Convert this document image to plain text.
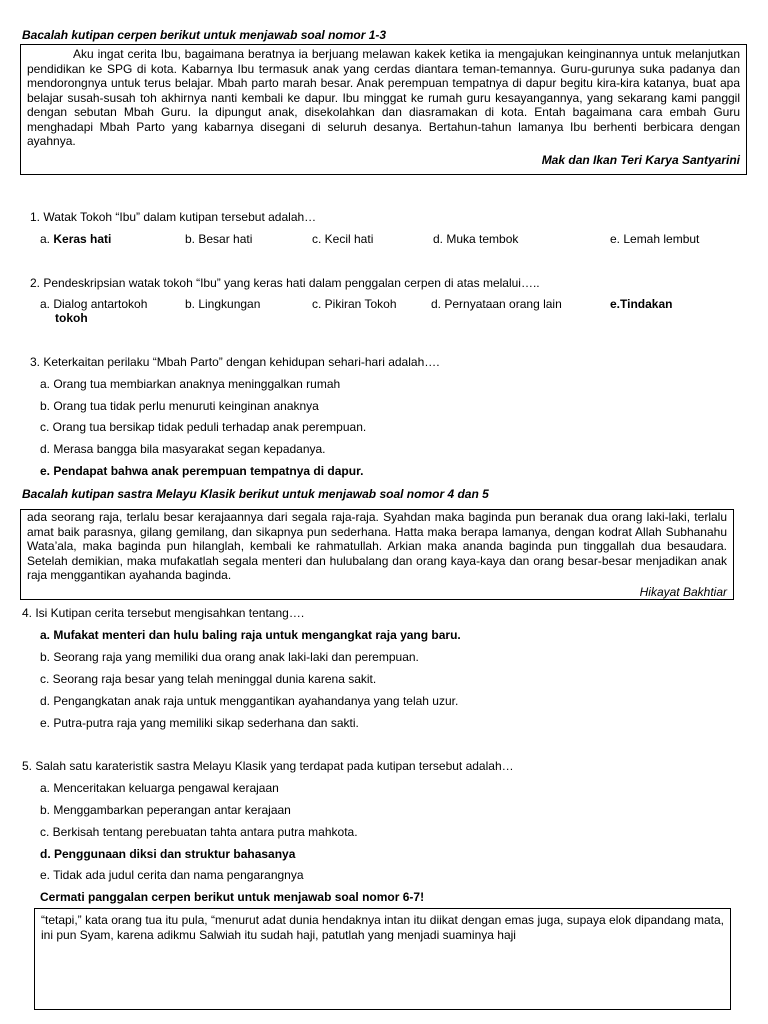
Bacalah kutipan cerpen berikut untuk menjawab soal nomor 1-3

Aku ingat cerita Ibu, bagaimana beratnya ia berjuang melawan kakek ketika ia mengajukan keinginannya untuk melanjutkan pendidikan ke SPG di kota. Kabarnya Ibu termasuk anak yang cerdas diantara teman-temannya. Guru-gurunya suka padanya dan mendorongnya untuk terus belajar. Mbah parto marah besar. Anak perempuan tempatnya di dapur begitu kira-kira katanya, buat apa belajar susah-susah toh akhirnya nanti kembali ke dapur. Ibu minggat ke rumah guru kesayangannya, yang sekarang kami panggil dengan sebutan Mbah Guru. Ia dipungut anak, disekolahkan dan diasramakan di kota. Entah bagaimana cara embah Guru menghadapi Mbah Parto yang kabarnya disegani di seluruh desanya. Bertahun-tahun lamanya Ibu berhenti berbicara dengan ayahnya.

Mak dan Ikan Teri Karya Santyarini
1. Watak Tokoh “Ibu” dalam kutipan tersebut adalah…
a. Keras hati	b. Besar hati	c. Kecil hati	d. Muka tembok	e. Lemah lembut
2. Pendeskripsian watak tokoh “Ibu” yang keras hati dalam penggalan cerpen di atas melalui…..
a. Dialog antartokoh	b. Lingkungan	c. Pikiran Tokoh	d. Pernyataan orang lain	e.Tindakan
tokoh
3. Keterkaitan perilaku “Mbah Parto” dengan kehidupan sehari-hari adalah….
a. Orang tua membiarkan anaknya meninggalkan rumah
b. Orang tua tidak perlu menuruti keinginan anaknya
c. Orang tua bersikap tidak peduli terhadap anak perempuan.
d. Merasa bangga bila masyarakat segan kepadanya.
e. Pendapat bahwa anak perempuan tempatnya di dapur.
Bacalah kutipan sastra Melayu Klasik berikut untuk menjawab soal nomor 4 dan 5

ada seorang raja, terlalu besar kerajaannya dari segala raja-raja. Syahdan maka baginda pun beranak dua orang laki-laki, terlalu amat baik parasnya, gilang gemilang, dan sikapnya pun sederhana. Hatta maka berapa lamanya, dengan kodrat Allah Subhanahu Wata’ala, maka baginda pun hilanglah, kembali ke rahmatullah. Arkian maka ananda baginda pun tinggallah dua besaudara. Setelah demikian, maka mufakatlah segala menteri dan hulubalang dan orang kaya-kaya dan orang besar-besar menjadikan anak raja menggantikan ayahanda baginda.

Hikayat Bakhtiar
4. Isi Kutipan cerita tersebut mengisahkan tentang….
a. Mufakat menteri dan hulu baling raja untuk mengangkat raja yang baru.
b. Seorang raja yang memiliki dua orang anak laki-laki dan perempuan.
c. Seorang raja besar yang telah meninggal dunia karena sakit.
d. Pengangkatan anak raja untuk menggantikan ayahandanya yang telah uzur.
e. Putra-putra raja yang memiliki sikap sederhana dan sakti.
5. Salah satu karateristik sastra Melayu Klasik yang terdapat pada kutipan tersebut adalah…
a. Menceritakan keluarga pengawal kerajaan
b. Menggambarkan peperangan antar kerajaan
c. Berkisah tentang perebuatan tahta antara putra mahkota.
d. Penggunaan diksi dan struktur bahasanya
e. Tidak ada judul cerita dan nama pengarangnya
Cermati panggalan cerpen berikut untuk menjawab soal nomor 6-7!

“tetapi,” kata orang tua itu pula, “menurut adat dunia hendaknya intan itu diikat dengan emas juga, supaya elok dipandang mata, ini pun Syam, karena adikmu Salwiah itu sudah haji, patutlah yang menjadi suaminya haji
